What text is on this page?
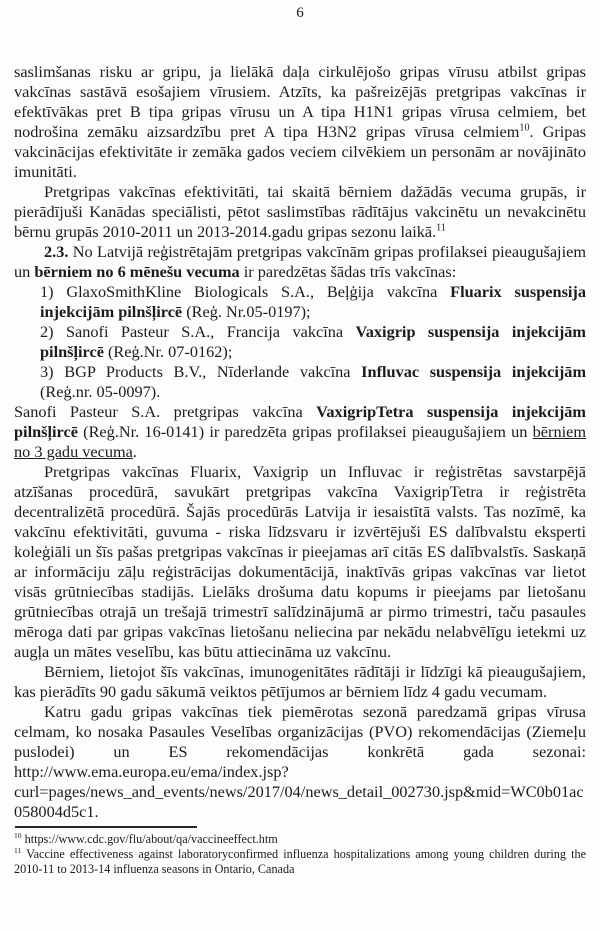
6

saslimšanas risku ar gripu, ja lielākā daļa cirkulējošo gripas vīrusu atbilst gripas vakcīnas sastāvā esošajiem vīrusiem. Atzīts, ka pašreizējās pretgripas vakcīnas ir efektīvākas pret B tipa gripas vīrusu un A tipa H1N1 gripas vīrusa celmiem, bet nodrošina zemāku aizsardzību pret A tipa H3N2 gripas vīrusa celmiem$^{10}$. Gripas vakcinācijas efektivitāte ir zemāka gados veciem cilvēkiem un personām ar novājināto imunitāti.

Pretgripas vakcīnas efektivitāti, tai skaitā bērniem dažādās vecuma grupās, ir pierādījuši Kanādas speciālisti, pētot saslimstības rādītājus vakcinētu un nevakcinētu bērnu grupās 2010-2011 un 2013-2014.gadu gripas sezonu laikā.$^{11}$

2.3. No Latvijā reģistrētajām pretgripas vakcīnām gripas profilaksei pieaugušajiem un bērniem no 6 mēnešu vecuma ir paredzētas šādas trīs vakcīnas:

1) GlaxoSmithKline Biologicals S.A., Beļģija vakcīna Fluarix suspensija injekcijām pilnšļircē (Reģ. Nr.05-0197);

2) Sanofi Pasteur S.A., Francija vakcīna Vaxigrip suspensija injekcijām pilnšļircē (Reģ.Nr. 07-0162);

3) BGP Products B.V., Nīderlande vakcīna Influvac suspensija injekcijām (Reģ.nr. 05-0097).

Sanofi Pasteur S.A. pretgripas vakcīna VaxigripTetra suspensija injekcijām pilnšļircē (Reģ.Nr. 16-0141) ir paredzēta gripas profilaksei pieaugušajiem un bērniem no 3 gadu vecuma.

Pretgripas vakcīnas Fluarix, Vaxigrip un Influvac ir reģistrētas savstarpējā atzīšanas procedūrā, savukārt pretgripas vakcīna VaxigripTetra ir reģistrēta decentralizētā procedūrā. Šajās procedūrās Latvija ir iesaistītā valsts. Tas nozīmē, ka vakcīnu efektivitāti, guvuma - riska līdzsvaru ir izvērtējuši ES dalībvalstu eksperti koleģiāli un šīs pašas pretgripas vakcīnas ir pieejamas arī citās ES dalībvalstīs. Saskaņā ar informāciju zāļu reģistrācijas dokumentācijā, inaktīvās gripas vakcīnas var lietot visās grūtniecības stadijās. Lielāks drošuma datu kopums ir pieejams par lietošanu grūtniecības otrajā un trešajā trimestrī salīdzinājumā ar pirmo trimestri, taču pasaules mēroga dati par gripas vakcīnas lietošanu neliecina par nekādu nelabvēlīgu ietekmi uz augļa un mātes veselību, kas būtu attiecināma uz vakcīnu.

Bērniem, lietojot šīs vakcīnas, imunogenitātes rādītāji ir līdzīgi kā pieaugušajiem, kas pierādīts 90 gadu sākumā veiktos pētījumos ar bērniem līdz 4 gadu vecumam.

Katru gadu gripas vakcīnas tiek piemērotas sezonā paredzamā gripas vīrusa celmam, ko nosaka Pasaules Veselības organizācijas (PVO) rekomendācijas (Ziemeļu puslodei) un ES rekomendācijas konkrētā gada sezonai: http://www.ema.europa.eu/ema/index.jsp?curl=pages/news_and_events/news/2017/04/news_detail_002730.jsp&mid=WC0b01ac058004d5c1.

$^{10}$ https://www.cdc.gov/flu/about/qa/vaccineeffect.htm

$^{11}$ Vaccine effectiveness against laboratoryconfirmed influenza hospitalizations among young children during the 2010-11 to 2013-14 influenza seasons in Ontario, Canada
